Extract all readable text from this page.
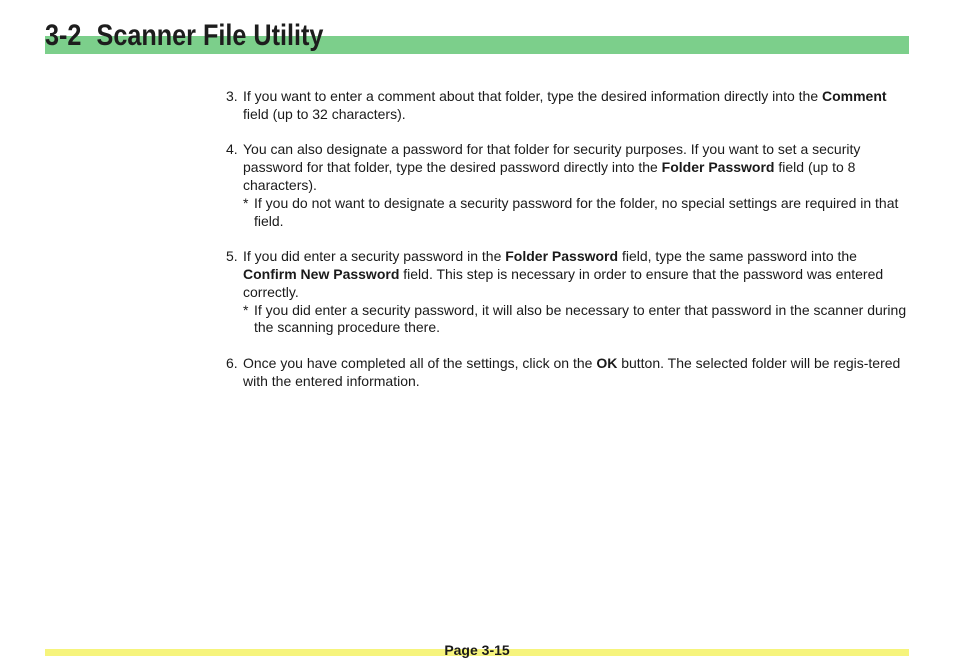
3-2 Scanner File Utility
3. If you want to enter a comment about that folder, type the desired information directly into the Comment field (up to 32 characters).

4. You can also designate a password for that folder for security purposes. If you want to set a security password for that folder, type the desired password directly into the Folder Password field (up to 8 characters).

* If you do not want to designate a security password for the folder, no special settings are required in that field.
5. If you did enter a security password in the Folder Password field, type the same password into the Confirm New Password field. This step is necessary in order to ensure that the password was entered correctly.

* If you did enter a security password, it will also be necessary to enter that password in the scanner during the scanning procedure there.
6. Once you have completed all of the settings, click on the OK button. The selected folder will be regis-tered with the entered information.

Page 3-15
